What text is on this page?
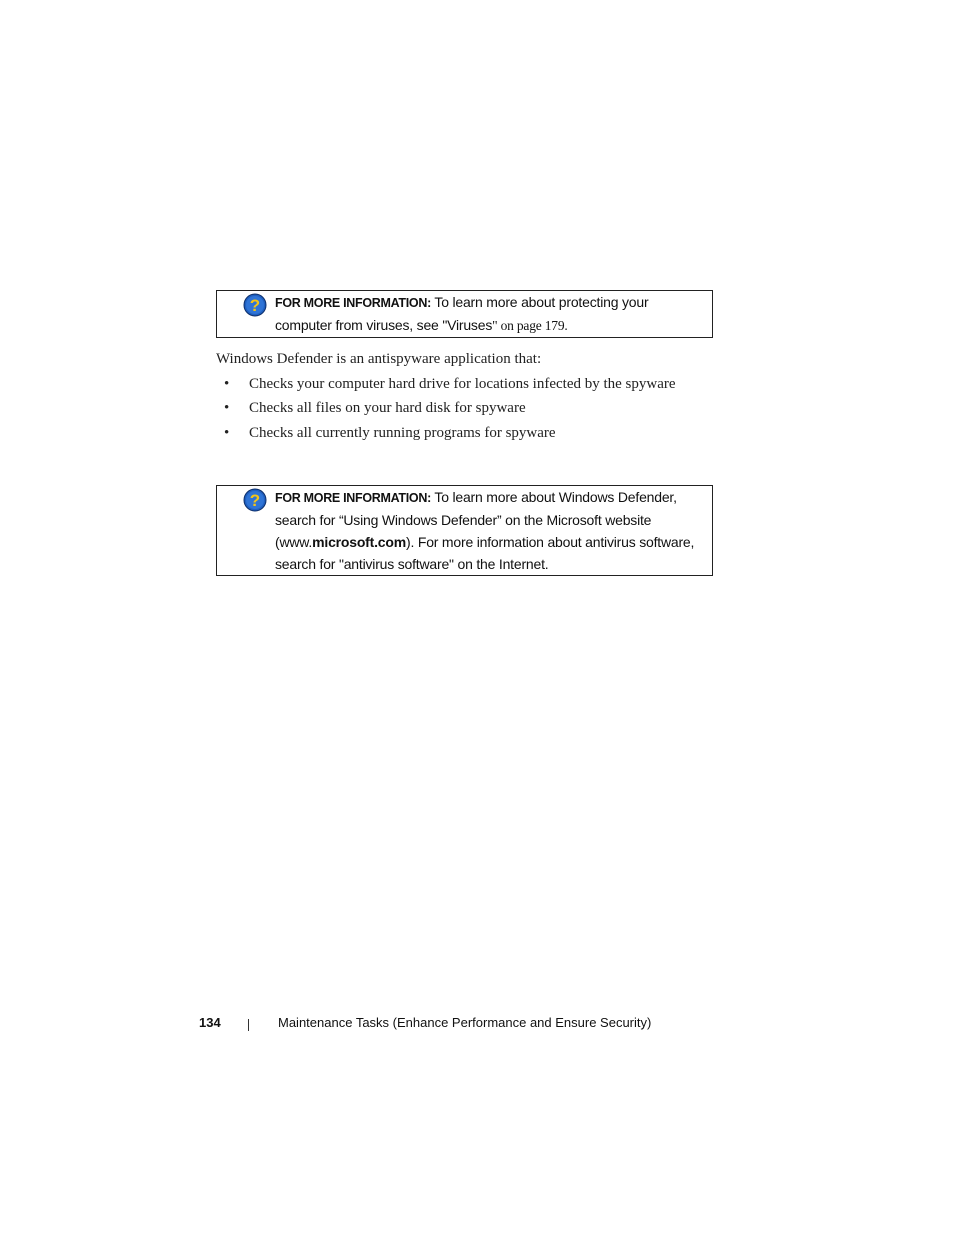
? FOR MORE INFORMATION: To learn more about protecting your
computer from viruses, see "Viruses" on page 179.
Windows Defender is an antispyware application that:
• Checks your computer hard drive for locations infected by the spyware
• Checks all files on your hard disk for spyware
• Checks all currently running programs for spyware
? FOR MORE INFORMATION: To learn more about Windows Defender,
search for “Using Windows Defender” on the Microsoft website
(www.microsoft.com). For more information about antivirus software,
search for "antivirus software" on the Internet.
134	Maintenance Tasks (Enhance Performance and Ensure Security)
